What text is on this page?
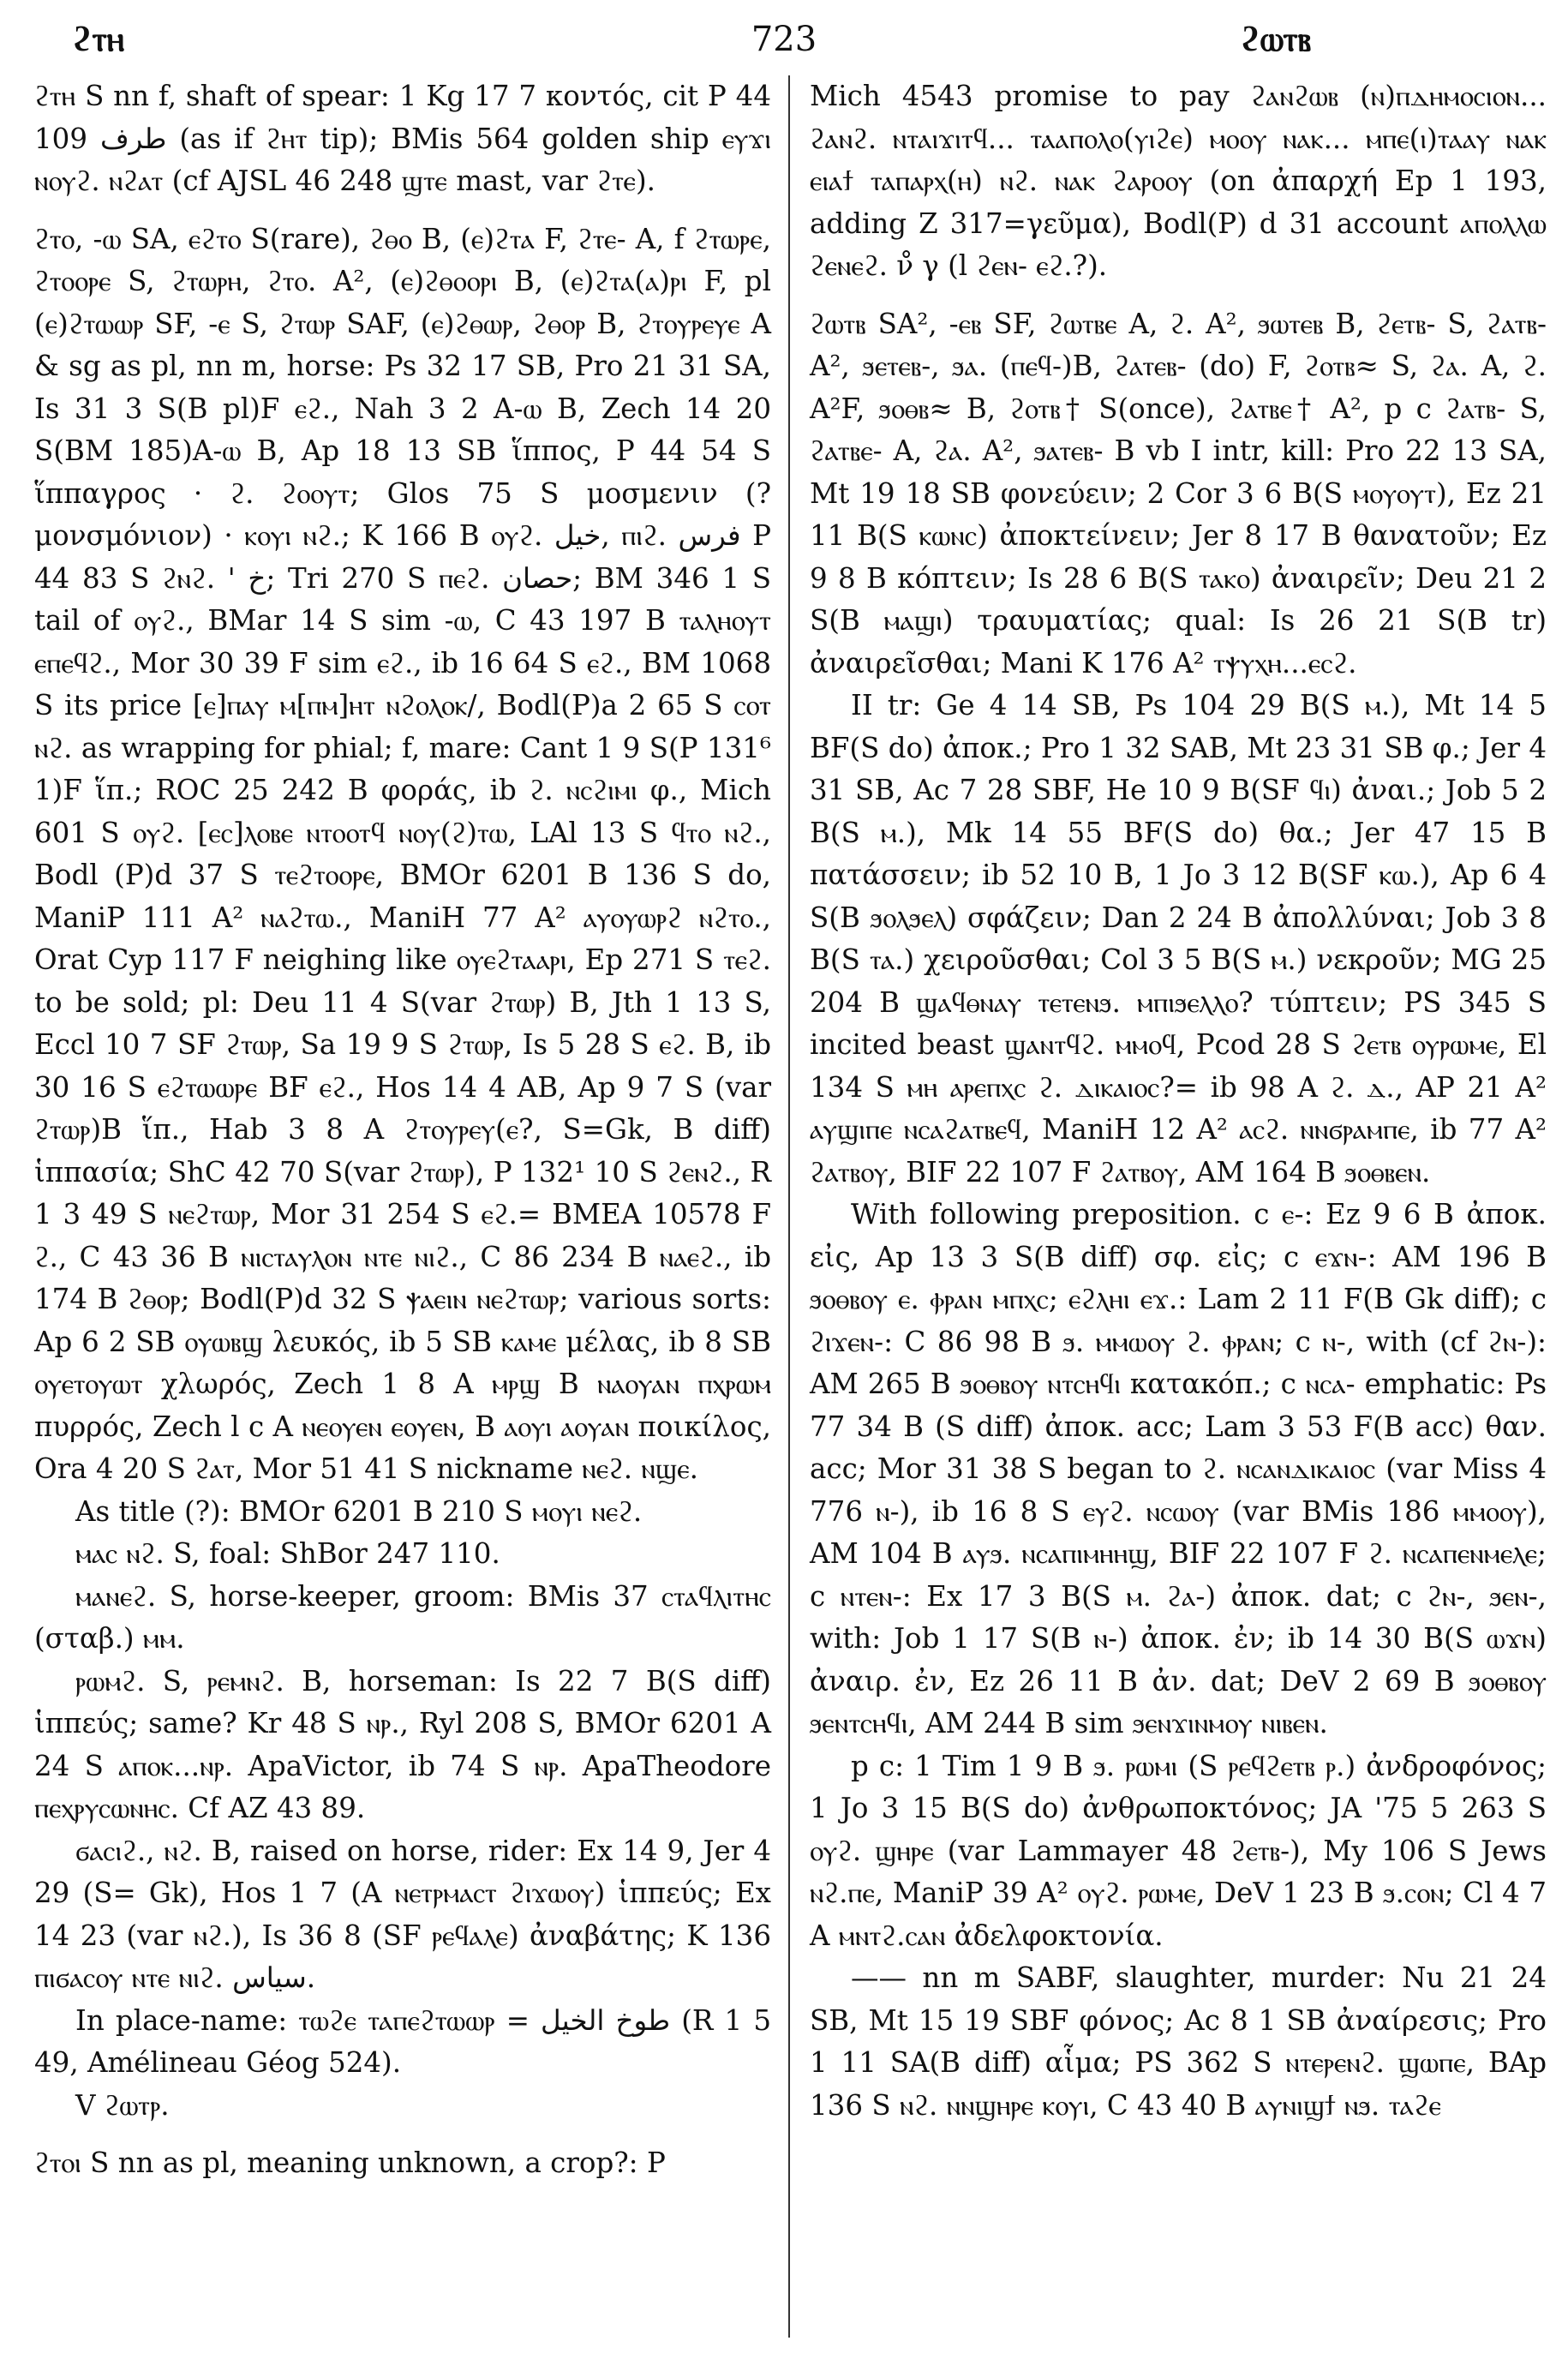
ϩⲧⲏ	723	ϩⲱⲧⲃ

ϩⲧⲏ S nn f, shaft of spear: 1 Kg 17 7 κοντός, cit P 44 109 طرف (as if ϩⲏⲧ tip); BMis 564 golden ship ⲉⲩϫⲓ ⲛⲟⲩϩ. ⲛϩⲁⲧ (cf AJSL 46 248 ϣⲧⲉ mast, var ϩⲧⲉ).

ϩⲧⲟ, -ⲱ SA, ⲉϩⲧⲟ S(rare), ϩⲑⲟ B, (ⲉ)ϩⲧⲁ F, ϩⲧⲉ- A, f ϩⲧⲱⲣⲉ, ϩⲧⲟⲟⲣⲉ S, ϩⲧⲱⲣⲏ, ϩⲧⲟ. A², (ⲉ)ϩⲑⲟⲟⲣⲓ B, (ⲉ)ϩⲧⲁ(ⲁ)ⲣⲓ F, pl (ⲉ)ϩⲧⲱⲱⲣ SF, -ⲉ S, ϩⲧⲱⲣ SAF, (ⲉ)ϩⲑⲱⲣ, ϩⲑⲟⲣ B, ϩⲧⲟⲩⲣⲉⲩⲉ A & sg as pl, nn m, horse: Ps 32 17 SB, Pro 21 31 SA, Is 31 3 S(B pl)F ⲉϩ., Nah 3 2 A-ⲱ B, Zech 14 20 S(BM 185)A-ⲱ B, Ap 18 13 SB ἵππος, P 44 54 S ἵππαγρος · ϩ. ϩⲟⲟⲩⲧ; Glos 75 S μοσμενιν (? μονσμόνιον) · ⲕⲟⲩⲓ ⲛϩ.; K 166 B ⲟⲩϩ. خيل, ⲡⲓϩ. فرس P 44 83 S ϩⲛϩ. ' خ; Tri 270 S ⲡⲉϩ. حصان; BM 346 1 S tail of ⲟⲩϩ., BMar 14 S sim -ⲱ, C 43 197 B ⲧⲁⲗⲏⲟⲩⲧ ⲉⲡⲉϥϩ., Mor 30 39 F sim ⲉϩ., ib 16 64 S ⲉϩ., BM 1068 S its price [ⲉ]ⲡⲁⲩ ⲙ[ⲡⲙ]ⲏⲧ ⲛϩⲟⲗⲟⲕ/, Bodl(P)a 2 65 S ⲥⲟⲧ ⲛϩ. as wrapping for phial; f, mare: Cant 1 9 S(P 131⁶ 1)F ἵπ.; ROC 25 242 B φοράς, ib ϩ. ⲛⲥϩⲓⲙⲓ φ., Mich 601 S ⲟⲩϩ. [ⲉⲥ]ⲗⲟⲃⲉ ⲛⲧⲟⲟⲧϥ ⲛⲟⲩ(ϩ)ⲧⲱ, LAl 13 S ϥⲧⲟ ⲛϩ., Bodl (P)d 37 S ⲧⲉϩⲧⲟⲟⲣⲉ, BMOr 6201 B 136 S do, ManiP 111 A² ⲛⲁϩⲧⲱ., ManiH 77 A² ⲁⲩⲟⲩⲱⲣϩ ⲛϩⲧⲟ., Orat Cyp 117 F neighing like ⲟⲩⲉϩⲧⲁⲁⲣⲓ, Ep 271 S ⲧⲉϩ. to be sold; pl: Deu 11 4 S(var ϩⲧⲱⲣ) B, Jth 1 13 S, Eccl 10 7 SF ϩⲧⲱⲣ, Sa 19 9 S ϩⲧⲱⲣ, Is 5 28 S ⲉϩ. B, ib 30 16 S ⲉϩⲧⲱⲱⲣⲉ BF ⲉϩ., Hos 14 4 AB, Ap 9 7 S (var ϩⲧⲱⲣ)B ἵπ., Hab 3 8 A ϩⲧⲟⲩⲣⲉⲩ(ⲉ?, S=Gk, B diff) ἱππασία; ShC 42 70 S(var ϩⲧⲱⲣ), P 132¹ 10 S ϩⲉⲛϩ., R 1 3 49 S ⲛⲉϩⲧⲱⲣ, Mor 31 254 S ⲉϩ.= BMEA 10578 F ϩ., C 43 36 B ⲛⲓⲥⲧⲁⲩⲗⲟⲛ ⲛⲧⲉ ⲛⲓϩ., C 86 234 B ⲛⲁⲉϩ., ib 174 B ϩⲑⲟⲣ; Bodl(P)d 32 S ⲯⲁⲉⲓⲛ ⲛⲉϩⲧⲱⲣ; various sorts: Ap 6 2 SB ⲟⲩⲱⲃϣ λευκός, ib 5 SB ⲕⲁⲙⲉ μέλας, ib 8 SB ⲟⲩⲉⲧⲟⲩⲱⲧ χλωρός, Zech 1 8 A ⲙⲣϣ B ⲛⲁⲟⲩⲁⲛ ⲡⲭⲣⲱⲙ πυρρός, Zech l c A ⲛⲉⲟⲩⲉⲛ ⲉⲟⲩⲉⲛ, B ⲁⲟⲩⲓ ⲁⲟⲩⲁⲛ ποικίλος, Ora 4 20 S ϩⲁⲧ, Mor 51 41 S nickname ⲛⲉϩ. ⲛϣⲉ.

As title (?): BMOr 6201 B 210 S ⲙⲟⲩⲓ ⲛⲉϩ.

ⲙⲁⲥ ⲛϩ. S, foal: ShBor 247 110.

ⲙⲁⲛⲉϩ. S, horse-keeper, groom: BMis 37 ⲥⲧⲁϥⲗⲓⲧⲏⲥ (σταβ.) ⲙⲙ.

ⲣⲱⲙϩ. S, ⲣⲉⲙⲛϩ. B, horseman: Is 22 7 B(S diff) ἱππεύς; same? Kr 48 S ⲛⲣ., Ryl 208 S, BMOr 6201 A 24 S ⲁⲡⲟⲕ...ⲛⲣ. ApaVictor, ib 74 S ⲛⲣ. ApaTheodore ⲡⲉⲭⲣⲩⲥⲱⲛⲏⲥ. Cf AZ 43 89.

ϭⲁⲥⲓϩ., ⲛϩ. B, raised on horse, rider: Ex 14 9, Jer 4 29 (S= Gk), Hos 1 7 (A ⲛⲉⲧⲣⲙⲁⲥⲧ ϩⲓϫⲱⲟⲩ) ἱππεύς; Ex 14 23 (var ⲛϩ.), Is 36 8 (SF ⲣⲉϥⲁⲗⲉ) ἀναβάτης; K 136 ⲡⲓϭⲁⲥⲟⲩ ⲛⲧⲉ ⲛⲓϩ. سياس.

In place-name: ⲧⲱϩⲉ ⲧⲁⲡⲉϩⲧⲱⲱⲣ = طوخ الخيل (R 1 5 49, Amélineau Géog 524).

V ϩⲱⲧⲣ.

ϩⲧⲟⲓ S nn as pl, meaning unknown, a crop?: P

Mich 4543 promise to pay ϩⲁⲛϩⲱⲃ (ⲛ)ⲡⲇⲏⲙⲟⲥⲓⲟⲛ... ϩⲁⲛϩ. ⲛⲧⲁⲓϫⲓⲧϥ... ⲧⲁⲁⲡⲟⲗⲟ(ⲩⲓϩⲉ) ⲙⲟⲟⲩ ⲛⲁⲕ... ⲙⲡⲉ(ⲓ)ⲧⲁⲁⲩ ⲛⲁⲕ ⲉⲓⲁϯ ⲧⲁⲡⲁⲣⲭ(ⲏ) ⲛϩ. ⲛⲁⲕ ϩⲁⲣⲟⲟⲩ (on ἀπαρχή Ep 1 193, adding Z 317=γεῦμα), Bodl(P) d 31 account ⲁⲡⲟⲗⲗⲱ ϩⲉⲛⲉϩ. ν̊ γ (l ϩⲉⲛ- ⲉϩ.?).

ϩⲱⲧⲃ SA², -ⲉⲃ SF, ϩⲱⲧⲃⲉ A, ϩ. A², ϧⲱⲧⲉⲃ B, ϩⲉⲧⲃ- S, ϩⲁⲧⲃ- A², ϧⲉⲧⲉⲃ-, ϧⲁ. (ⲡⲉϥ-)B, ϩⲁⲧⲉⲃ- (do) F, ϩⲟⲧⲃ≈ S, ϩⲁ. A, ϩ. A²F, ϧⲟⲑⲃ≈ B, ϩⲟⲧⲃ† S(once), ϩⲁⲧⲃⲉ† A², p c ϩⲁⲧⲃ- S, ϩⲁⲧⲃⲉ- A, ϩⲁ. A², ϧⲁⲧⲉⲃ- B vb I intr, kill: Pro 22 13 SA, Mt 19 18 SB φονεύειν; 2 Cor 3 6 B(S ⲙⲟⲩⲟⲩⲧ), Ez 21 11 B(S ⲕⲱⲛⲥ) ἀποκτείνειν; Jer 8 17 B θανατοῦν; Ez 9 8 B κόπτειν; Is 28 6 B(S ⲧⲁⲕⲟ) ἀναιρεῖν; Deu 21 2 S(B ⲙⲁϣⲓ) τραυματίας; qual: Is 26 21 S(B tr) ἀναιρεῖσθαι; Mani K 176 A² ⲧⲯⲩⲭⲏ...ⲉⲥϩ.

II tr: Ge 4 14 SB, Ps 104 29 B(S ⲙ.), Mt 14 5 BF(S do) ἀποκ.; Pro 1 32 SAB, Mt 23 31 SB φ.; Jer 4 31 SB, Ac 7 28 SBF, He 10 9 B(SF ϥⲓ) ἀναι.; Job 5 2 B(S ⲙ.), Mk 14 55 BF(S do) θα.; Jer 47 15 B πατάσσειν; ib 52 10 B, 1 Jo 3 12 B(SF ⲕⲱ.), Ap 6 4 S(B ϧⲟⲗϧⲉⲗ) σφάζειν; Dan 2 24 B ἀπολλύναι; Job 3 8 B(S ⲧⲁ.) χειροῦσθαι; Col 3 5 B(S ⲙ.) νεκροῦν; MG 25 204 B ϣⲁϥⲑⲛⲁⲩ ⲧⲉⲧⲉⲛϧ. ⲙⲡⲓϧⲉⲗⲗⲟ? τύπτειν; PS 345 S incited beast ϣⲁⲛⲧϥϩ. ⲙⲙⲟϥ, Pcod 28 S ϩⲉⲧⲃ ⲟⲩⲣⲱⲙⲉ, El 134 S ⲙⲏ ⲁⲣⲉⲡⲭⲥ ϩ. ⲇⲓⲕⲁⲓⲟⲥ?= ib 98 A ϩ. ⲇ., AP 21 A² ⲁⲩϣⲓⲡⲉ ⲛⲥⲁϩⲁⲧⲃⲉϥ, ManiH 12 A² ⲁⲥϩ. ⲛⲛϭⲣⲁⲙⲡⲉ, ib 77 A² ϩⲁⲧⲃⲟⲩ, BIF 22 107 F ϩⲁⲧⲃⲟⲩ, AM 164 B ϧⲟⲑⲃⲉⲛ.

With following preposition. c ⲉ-: Ez 9 6 B ἀποκ. εἰς, Ap 13 3 S(B diff) σφ. εἰς; c ⲉϫⲛ-: AM 196 B ϧⲟⲑⲃⲟⲩ ⲉ. ⲫⲣⲁⲛ ⲙⲡⲭⲥ; ⲉϩⲗⲏⲓ ⲉϫ.: Lam 2 11 F(B Gk diff); c ϩⲓϫⲉⲛ-: C 86 98 B ϧ. ⲙⲙⲱⲟⲩ ϩ. ⲫⲣⲁⲛ; c ⲛ-, with (cf ϩⲛ-): AM 265 B ϧⲟⲑⲃⲟⲩ ⲛⲧⲥⲏϥⲓ κατακόπ.; c ⲛⲥⲁ- emphatic: Ps 77 34 B (S diff) ἀποκ. acc; Lam 3 53 F(B acc) θαν. acc; Mor 31 38 S began to ϩ. ⲛⲥⲁⲛⲇⲓⲕⲁⲓⲟⲥ (var Miss 4 776 ⲛ-), ib 16 8 S ⲉⲩϩ. ⲛⲥⲱⲟⲩ (var BMis 186 ⲙⲙⲟⲟⲩ), AM 104 B ⲁⲩϧ. ⲛⲥⲁⲡⲓⲙⲏⲏϣ, BIF 22 107 F ϩ. ⲛⲥⲁⲡⲉⲛⲙⲉⲗⲉ; c ⲛⲧⲉⲛ-: Ex 17 3 B(S ⲙ. ϩⲁ-) ἀποκ. dat; c ϩⲛ-, ϧⲉⲛ-, with: Job 1 17 S(B ⲛ-) ἀποκ. ἐν; ib 14 30 B(S ⲱϫⲛ) ἀναιρ. ἐν, Ez 26 11 B ἀν. dat; DeV 2 69 B ϧⲟⲑⲃⲟⲩ ϧⲉⲛⲧⲥⲏϥⲓ, AM 244 B sim ϧⲉⲛϫⲓⲛⲙⲟⲩ ⲛⲓⲃⲉⲛ.

p c: 1 Tim 1 9 B ϧ. ⲣⲱⲙⲓ (S ⲣⲉϥϩⲉⲧⲃ ⲣ.) ἀνδροφόνος; 1 Jo 3 15 B(S do) ἀνθρωποκτόνος; JA '75 5 263 S ⲟⲩϩ. ϣⲏⲣⲉ (var Lammayer 48 ϩⲉⲧⲃ-), My 106 S Jews ⲛϩ.ⲡⲉ, ManiP 39 A² ⲟⲩϩ. ⲣⲱⲙⲉ, DeV 1 23 B ϧ.ⲥⲟⲛ; Cl 4 7 A ⲙⲛⲧϩ.ⲥⲁⲛ ἀδελφοκτονία.

—— nn m SABF, slaughter, murder: Nu 21 24 SB, Mt 15 19 SBF φόνος; Ac 8 1 SB ἀναίρεσις; Pro 1 11 SA(B diff) αἷμα; PS 362 S ⲛⲧⲉⲣⲉⲛϩ. ϣⲱⲡⲉ, BAp 136 S ⲛϩ. ⲛⲛϣⲏⲣⲉ ⲕⲟⲩⲓ, C 43 40 B ⲁⲩⲛⲓϣϯ ⲛϧ. ⲧⲁϩⲉ
